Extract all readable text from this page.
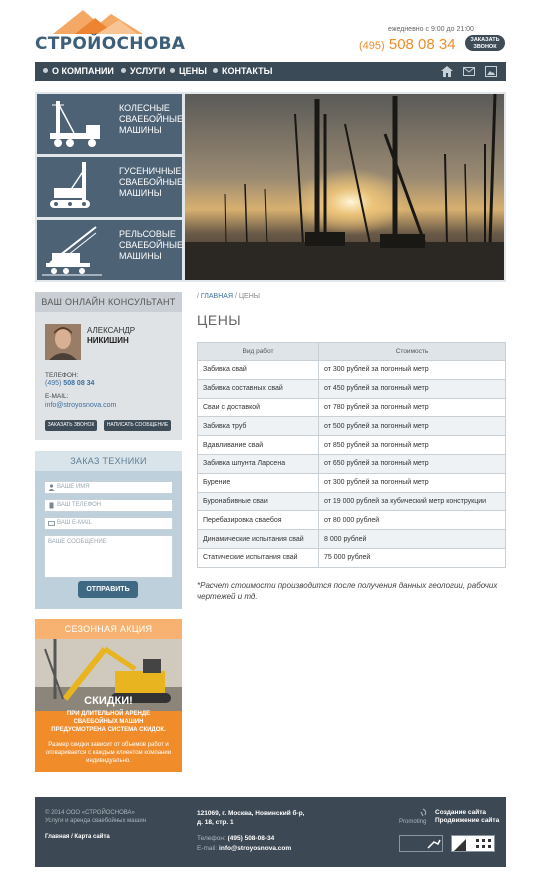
СТРОЙОСНОВА
ежедневно с 9:00 до 21:00
(495) 508 08 34	ЗАКАЗАТЬ
ЗВОНОК
О КОМПАНИИ	УСЛУГИ	ЦЕНЫ	КОНТАКТЫ
КОЛЕСНЫЕ
СВАЕБОЙНЫЕ
МАШИНЫ
ГУСЕНИЧНЫЕ
СВАЕБОЙНЫЕ
МАШИНЫ
РЕЛЬСОВЫЕ
СВАЕБОЙНЫЕ
МАШИНЫ
ВАШ ОНЛАЙН КОНСУЛЬТАНТ
АЛЕКСАНДР
НИКИШИН
ТЕЛЕФОН:
(495) 508 08 34
E-MAIL:
info@stroyosnova.com
ЗАКАЗАТЬ ЗВОНОК	НАПИСАТЬ СООБЩЕНИЕ
ЗАКАЗ ТЕХНИКИ
ВАШЕ ИМЯ
ВАШ ТЕЛЕФОН
ВАШ E-MAIL
ВАШЕ СООБЩЕНИЕ
ОТПРАВИТЬ
СЕЗОННАЯ АКЦИЯ
СКИДКИ!
ПРИ ДЛИТЕЛЬНОЙ АРЕНДЕ
СВАЕБОЙНЫХ МАШИН
ПРЕДУСМОТРЕНА СИСТЕМА СКИДОК.
Размер скидки зависит от объемов работ и оговаривается с каждым клиентом компании индивидуально.
/ ГЛАВНАЯ / ЦЕНЫ
ЦЕНЫ
Вид работ	Стоимость
Забивка свай	от 300 рублей за погонный метр
Забивка составных свай	от 450 рублей за погонный метр
Сваи с доставкой	от 780 рублей за погонный метр
Забивка труб	от 500 рублей за погонный метр
Вдавливание свай	от 850 рублей за погонный метр
Забивка шпунта Ларсена	от 650 рублей за погонный метр
Бурение	от 300 рублей за погонный метр
Буронабивные сваи	от 19 000 рублей за кубический метр конструкции
Перебазировка сваебоя	от 80 000 рублей
Динамические испытания свай	8 000 рублей
Статические испытания свай	75 000 рублей
*Расчет стоимости производится после получения данных геологии, рабочих чертежей и тд.
© 2014 ООО «СТРОЙОСНОВА»
Услуги и аренда сваебойных машин
Главная / Карта сайта
121069, г. Москва, Новинский б-р,
д. 18, стр. 1
Телефон: (495) 508-08-34
E-mail: info@stroyosnova.com
Promoting
Создание сайта
Продвижение сайта
